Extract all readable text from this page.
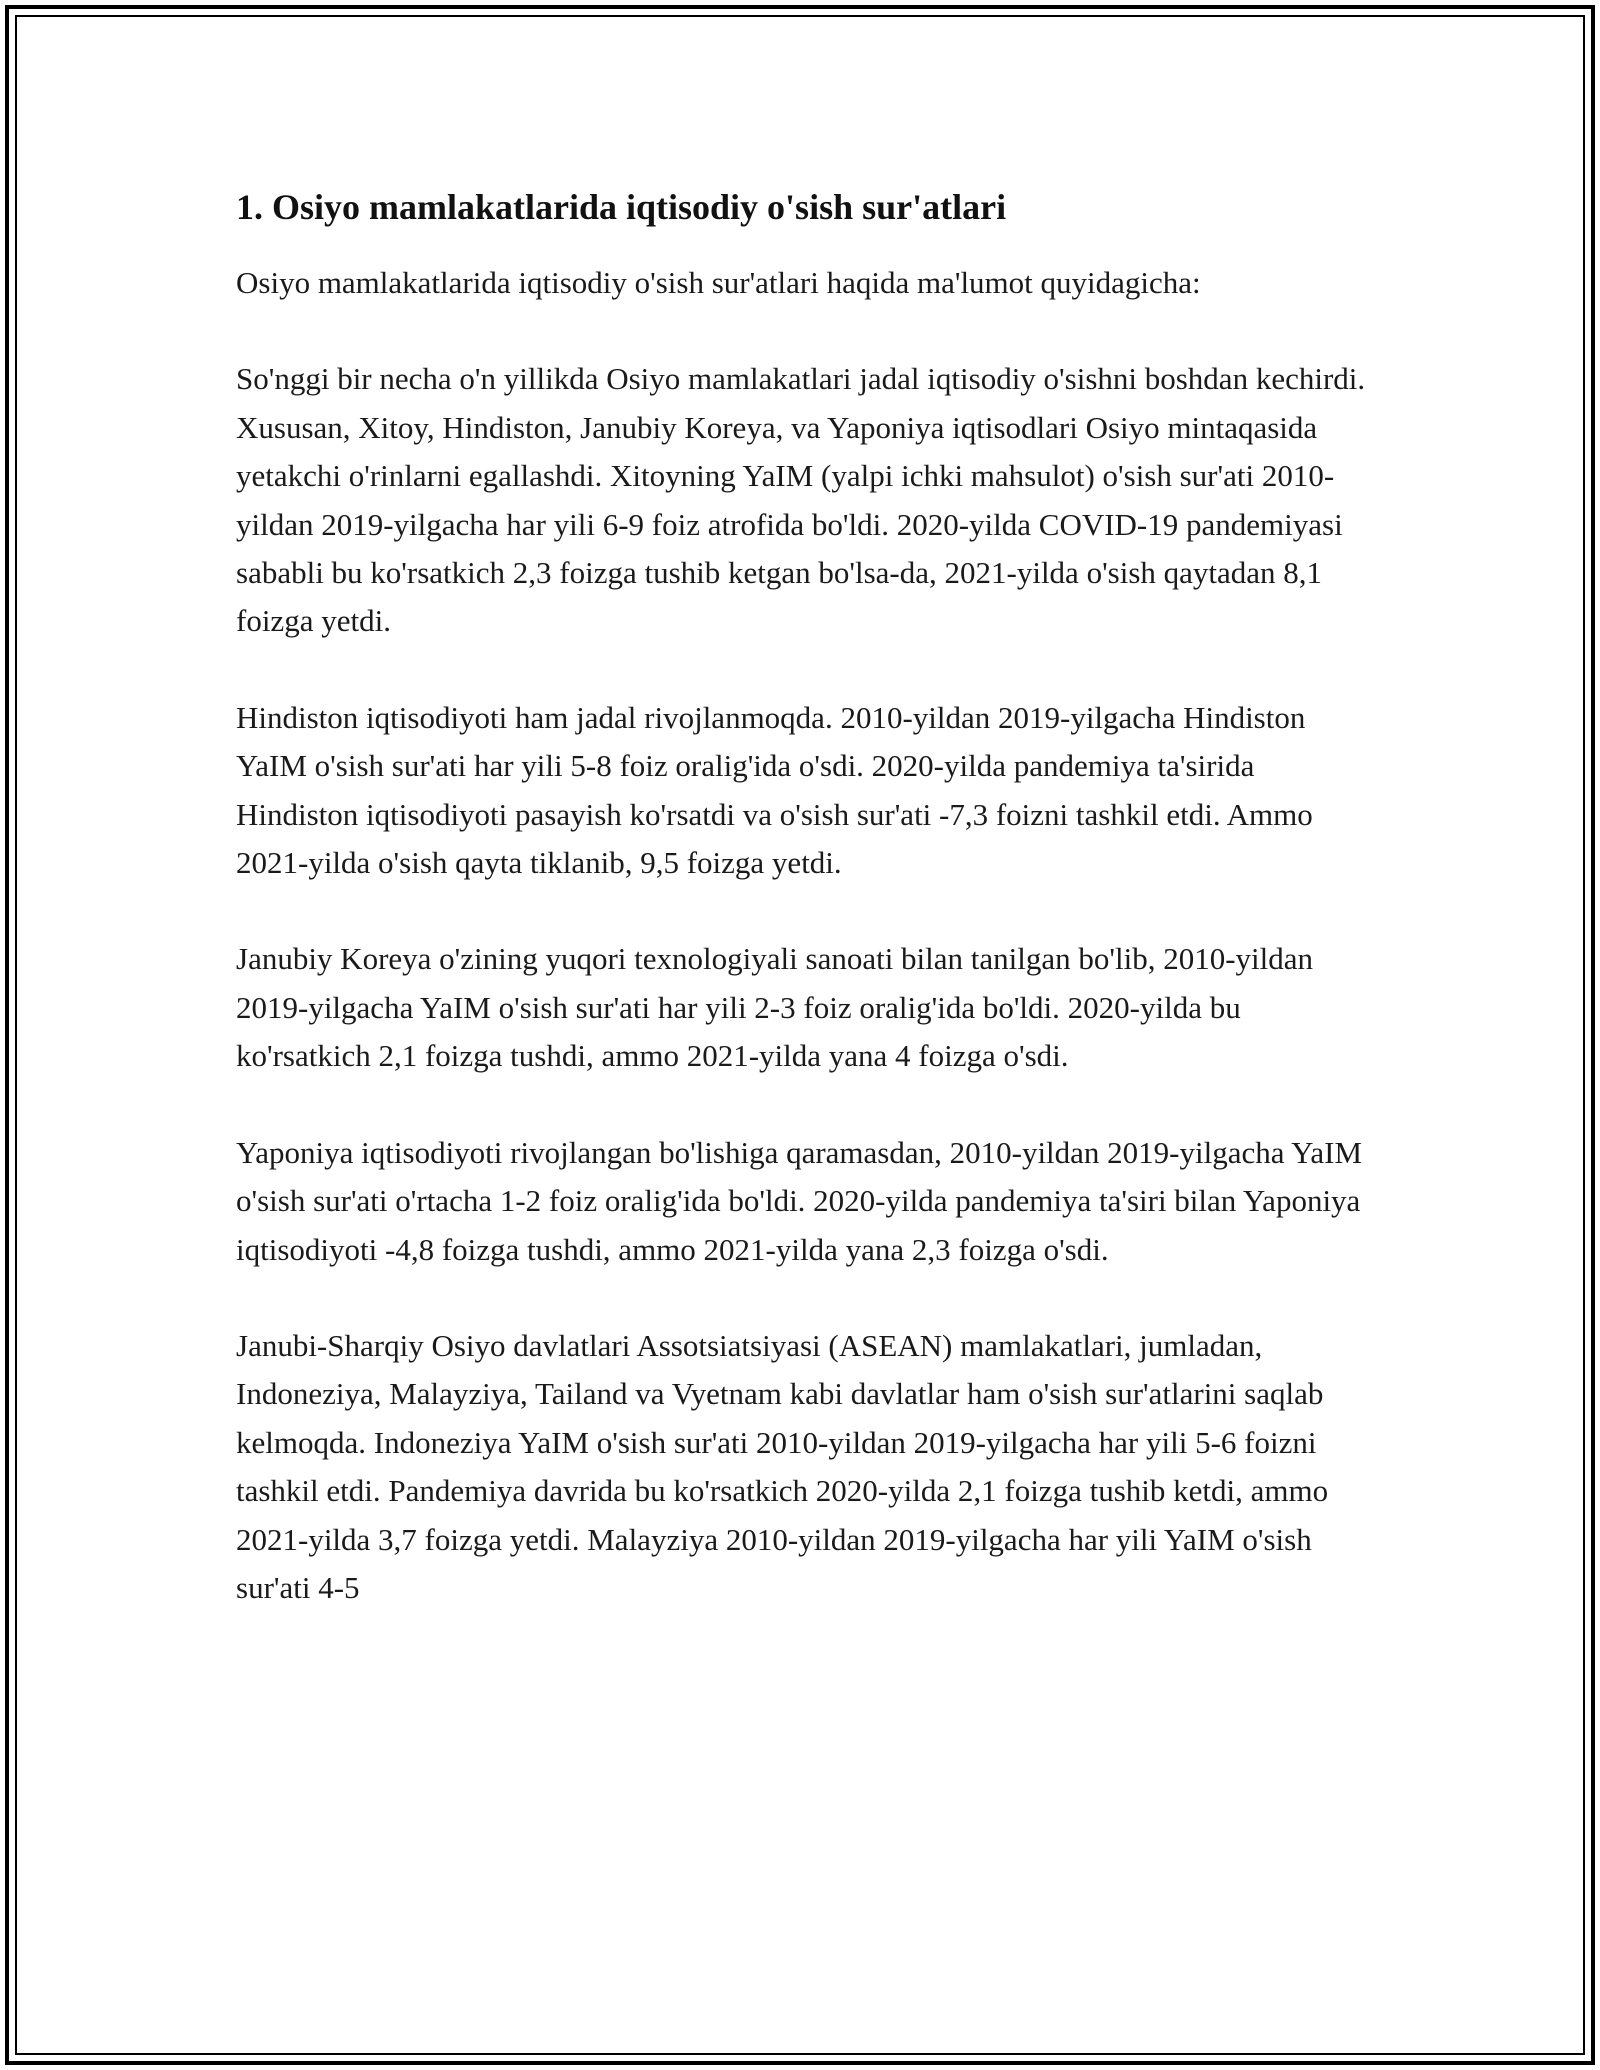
1. Osiyo mamlakatlarida iqtisodiy o'sish sur'atlari

Osiyo mamlakatlarida iqtisodiy o'sish sur'atlari haqida ma'lumot quyidagicha:

So'nggi bir necha o'n yillikda Osiyo mamlakatlari jadal iqtisodiy o'sishni boshdan kechirdi. Xususan, Xitoy, Hindiston, Janubiy Koreya, va Yaponiya iqtisodlari Osiyo mintaqasida yetakchi o'rinlarni egallashdi. Xitoyning YaIM (yalpi ichki mahsulot) o'sish sur'ati 2010-yildan 2019-yilgacha har yili 6-9 foiz atrofida bo'ldi. 2020-yilda COVID-19 pandemiyasi sababli bu ko'rsatkich 2,3 foizga tushib ketgan bo'lsa-da, 2021-yilda o'sish qaytadan 8,1 foizga yetdi.

Hindiston iqtisodiyoti ham jadal rivojlanmoqda. 2010-yildan 2019-yilgacha Hindiston YaIM o'sish sur'ati har yili 5-8 foiz oralig'ida o'sdi. 2020-yilda pandemiya ta'sirida Hindiston iqtisodiyoti pasayish ko'rsatdi va o'sish sur'ati -7,3 foizni tashkil etdi. Ammo 2021-yilda o'sish qayta tiklanib, 9,5 foizga yetdi.

Janubiy Koreya o'zining yuqori texnologiyali sanoati bilan tanilgan bo'lib, 2010-yildan 2019-yilgacha YaIM o'sish sur'ati har yili 2-3 foiz oralig'ida bo'ldi. 2020-yilda bu ko'rsatkich 2,1 foizga tushdi, ammo 2021-yilda yana 4 foizga o'sdi.

Yaponiya iqtisodiyoti rivojlangan bo'lishiga qaramasdan, 2010-yildan 2019-yilgacha YaIM o'sish sur'ati o'rtacha 1-2 foiz oralig'ida bo'ldi. 2020-yilda pandemiya ta'siri bilan Yaponiya iqtisodiyoti -4,8 foizga tushdi, ammo 2021-yilda yana 2,3 foizga o'sdi.

Janubi-Sharqiy Osiyo davlatlari Assotsiatsiyasi (ASEAN) mamlakatlari, jumladan, Indoneziya, Malayziya, Tailand va Vyetnam kabi davlatlar ham o'sish sur'atlarini saqlab kelmoqda. Indoneziya YaIM o'sish sur'ati 2010-yildan 2019-yilgacha har yili 5-6 foizni tashkil etdi. Pandemiya davrida bu ko'rsatkich 2020-yilda 2,1 foizga tushib ketdi, ammo 2021-yilda 3,7 foizga yetdi. Malayziya 2010-yildan 2019-yilgacha har yili YaIM o'sish sur'ati 4-5
